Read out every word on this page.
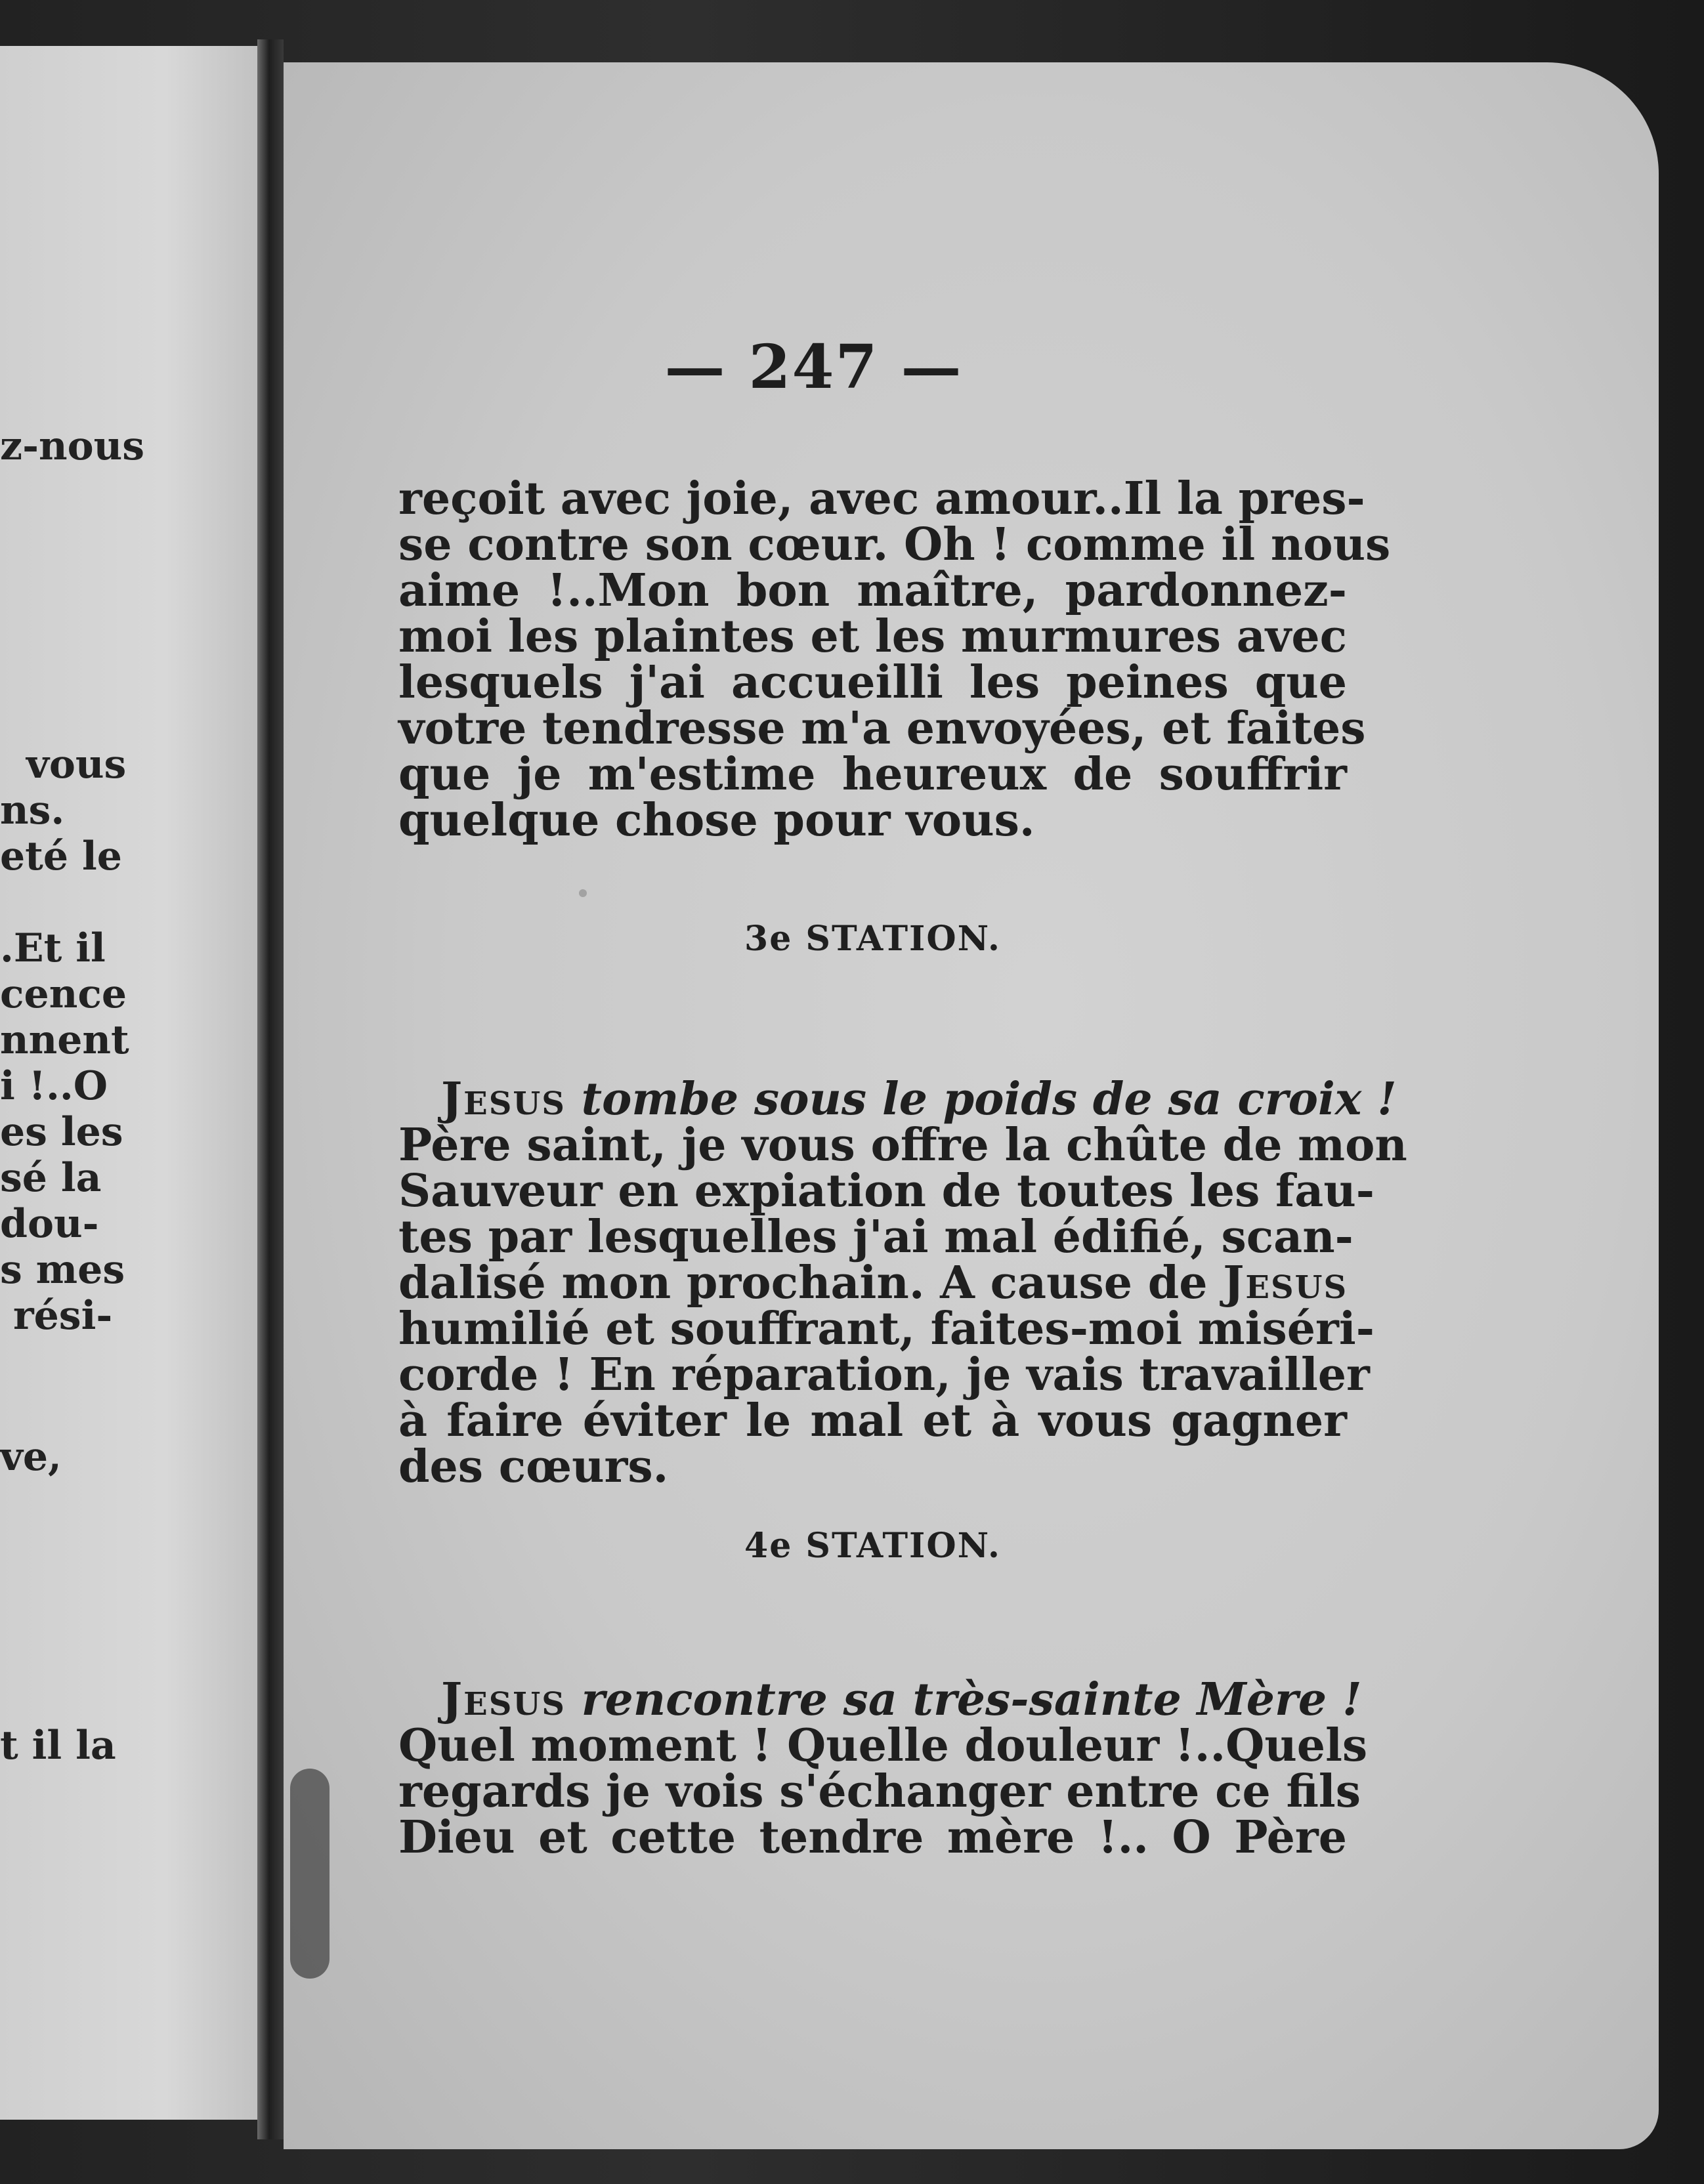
z-nous
vous
ns.
eté le
.Et il
cence
nnent
i !..O
es les
sé la
dou-
s mes
rési-
ve,
t il la
— 247 —
reçoit avec joie, avec amour..Il la pres-
se contre son cœur. Oh ! comme il nous
aime !..Mon bon maître, pardonnez-
moi les plaintes et les murmures avec
lesquels j'ai accueilli les peines que
votre tendresse m'a envoyées, et faites
que je m'estime heureux de souffrir
quelque chose pour vous.
3e STATION.
Jesus tombe sous le poids de sa croix !
Père saint, je vous offre la chûte de mon
Sauveur en expiation de toutes les fau-
tes par lesquelles j'ai mal édifié, scan-
dalisé mon prochain. A cause de Jesus
humilié et souffrant, faites-moi miséri-
corde ! En réparation, je vais travailler
à faire éviter le mal et à vous gagner
des cœurs.
4e STATION.
Jesus rencontre sa très-sainte Mère !
Quel moment ! Quelle douleur !..Quels
regards je vois s'échanger entre ce fils
Dieu et cette tendre mère !.. O Père
